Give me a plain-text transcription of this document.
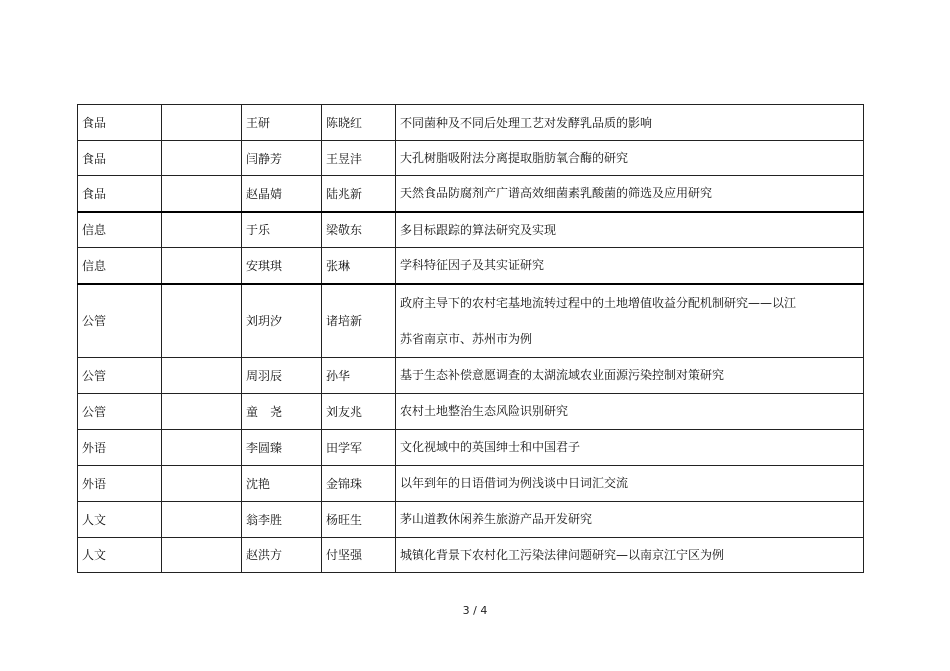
食品		王研	陈晓红	不同菌种及不同后处理工艺对发酵乳品质的影响
食品		闫静芳	王昱沣	大孔树脂吸附法分离提取脂肪氧合酶的研究
食品		赵晶婧	陆兆新	天然食品防腐剂产广谱高效细菌素乳酸菌的筛选及应用研究
信息		于乐	梁敬东	多目标跟踪的算法研究及实现
信息		安琪琪	张琳	学科特征因子及其实证研究
公管		刘玥汐	诸培新	政府主导下的农村宅基地流转过程中的土地增值收益分配机制研究——以江
苏省南京市、苏州市为例

公管		周羽辰	孙华	基于生态补偿意愿调查的太湖流域农业面源污染控制对策研究
公管		童　尧	刘友兆	农村土地整治生态风险识别研究
外语		李圆臻	田学军	文化视域中的英国绅士和中国君子
外语		沈艳	金锦珠	以年到年的日语借词为例浅谈中日词汇交流
人文		翁李胜	杨旺生	茅山道教休闲养生旅游产品开发研究
人文		赵洪方	付坚强	城镇化背景下农村化工污染法律问题研究—以南京江宁区为例
3 / 4
